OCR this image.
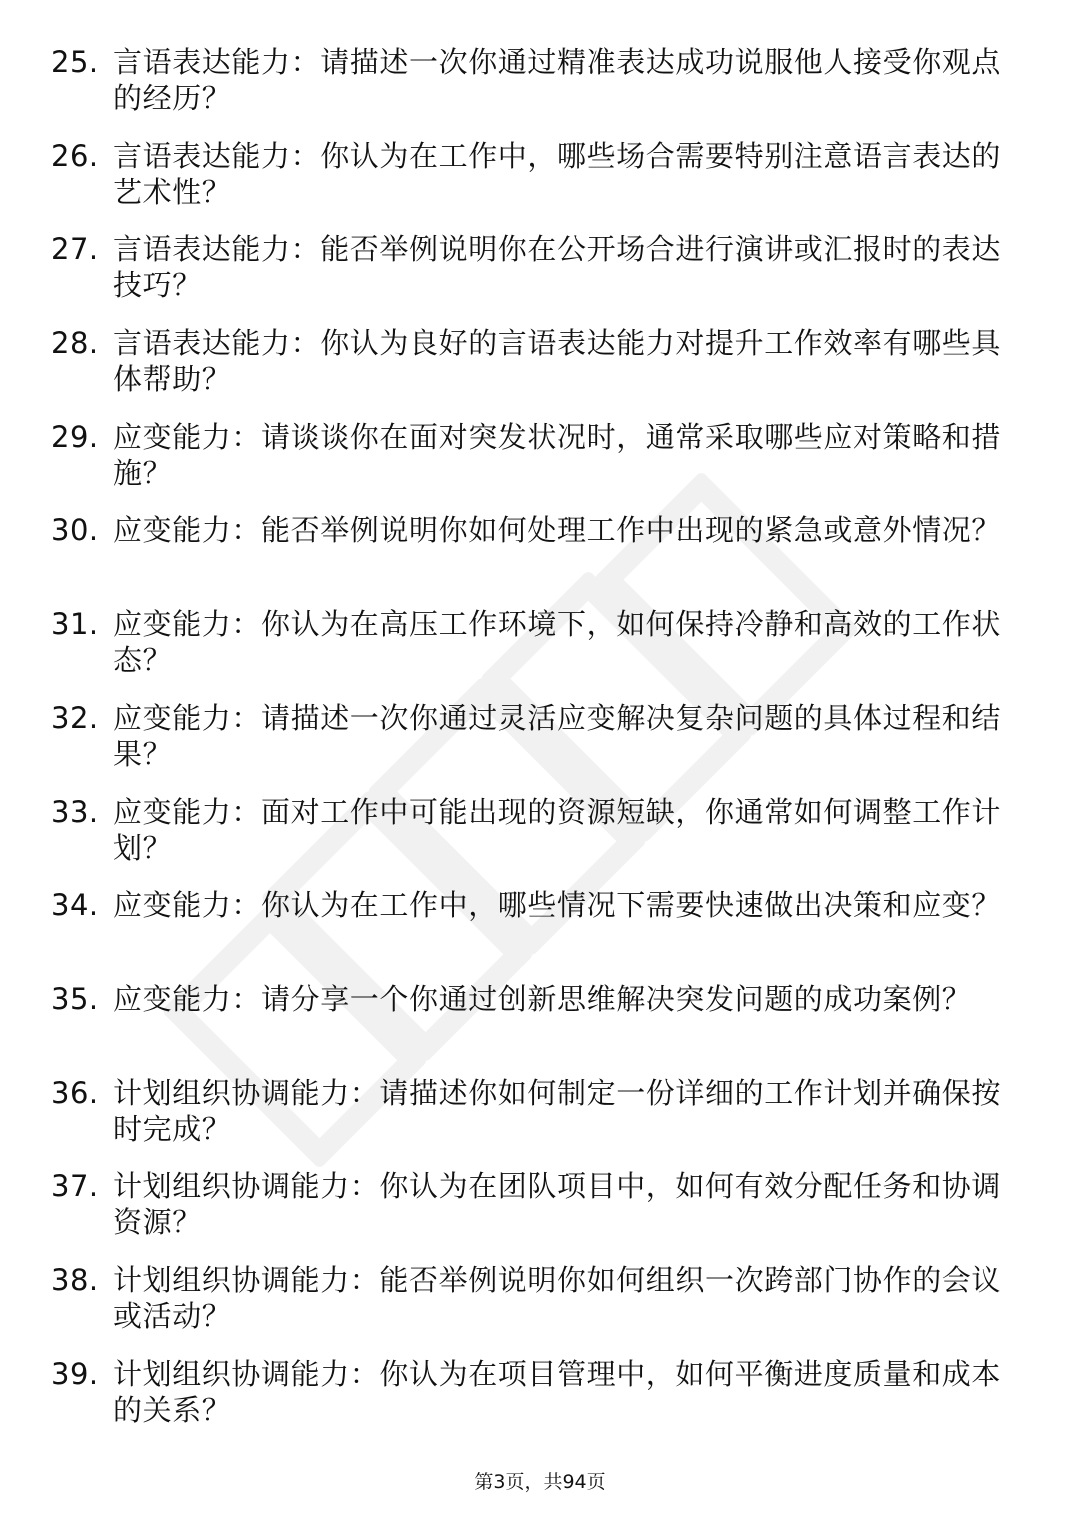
25. 言语表达能力：请描述一次你通过精准表达成功说服他人接受你观点的经历？
26. 言语表达能力：你认为在工作中，哪些场合需要特别注意语言表达的艺术性？
27. 言语表达能力：能否举例说明你在公开场合进行演讲或汇报时的表达技巧？
28. 言语表达能力：你认为良好的言语表达能力对提升工作效率有哪些具体帮助？
29. 应变能力：请谈谈你在面对突发状况时，通常采取哪些应对策略和措施？
30. 应变能力：能否举例说明你如何处理工作中出现的紧急或意外情况？
31. 应变能力：你认为在高压工作环境下，如何保持冷静和高效的工作状态？
32. 应变能力：请描述一次你通过灵活应变解决复杂问题的具体过程和结果？
33. 应变能力：面对工作中可能出现的资源短缺，你通常如何调整工作计划？
34. 应变能力：你认为在工作中，哪些情况下需要快速做出决策和应变？
35. 应变能力：请分享一个你通过创新思维解决突发问题的成功案例？
36. 计划组织协调能力：请描述你如何制定一份详细的工作计划并确保按时完成？
37. 计划组织协调能力：你认为在团队项目中，如何有效分配任务和协调资源？
38. 计划组织协调能力：能否举例说明你如何组织一次跨部门协作的会议或活动？
39. 计划组织协调能力：你认为在项目管理中，如何平衡进度质量和成本的关系？
第3页，共94页
